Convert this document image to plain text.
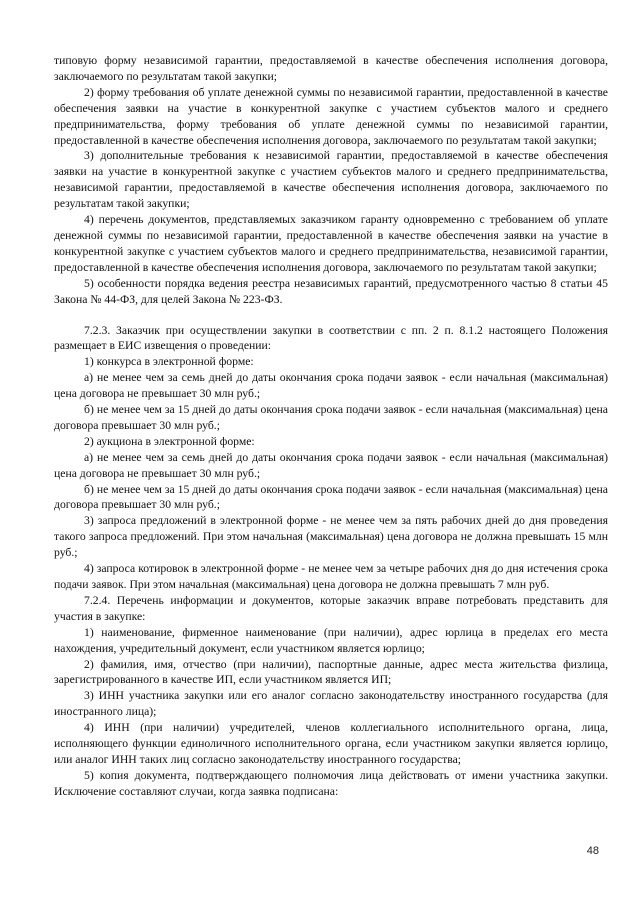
типовую форму независимой гарантии, предоставляемой в качестве обеспечения исполнения договора, заключаемого по результатам такой закупки;

2) форму требования об уплате денежной суммы по независимой гарантии, предоставленной в качестве обеспечения заявки на участие в конкурентной закупке с участием субъектов малого и среднего предпринимательства, форму требования об уплате денежной суммы по независимой гарантии, предоставленной в качестве обеспечения исполнения договора, заключаемого по результатам такой закупки;

3) дополнительные требования к независимой гарантии, предоставляемой в качестве обеспечения заявки на участие в конкурентной закупке с участием субъектов малого и среднего предпринимательства, независимой гарантии, предоставляемой в качестве обеспечения исполнения договора, заключаемого по результатам такой закупки;

4) перечень документов, представляемых заказчиком гаранту одновременно с требованием об уплате денежной суммы по независимой гарантии, предоставленной в качестве обеспечения заявки на участие в конкурентной закупке с участием субъектов малого и среднего предпринимательства, независимой гарантии, предоставленной в качестве обеспечения исполнения договора, заключаемого по результатам такой закупки;

5) особенности порядка ведения реестра независимых гарантий, предусмотренного частью 8 статьи 45 Закона № 44-ФЗ, для целей Закона № 223-ФЗ.

7.2.3. Заказчик при осуществлении закупки в соответствии с пп. 2 п. 8.1.2 настоящего Положения размещает в ЕИС извещения о проведении:

1) конкурса в электронной форме:

а) не менее чем за семь дней до даты окончания срока подачи заявок - если начальная (максимальная) цена договора не превышает 30 млн руб.;

б) не менее чем за 15 дней до даты окончания срока подачи заявок - если начальная (максимальная) цена договора превышает 30 млн руб.;

2) аукциона в электронной форме:

а) не менее чем за семь дней до даты окончания срока подачи заявок - если начальная (максимальная) цена договора не превышает 30 млн руб.;

б) не менее чем за 15 дней до даты окончания срока подачи заявок - если начальная (максимальная) цена договора превышает 30 млн руб.;

3) запроса предложений в электронной форме - не менее чем за пять рабочих дней до дня проведения такого запроса предложений. При этом начальная (максимальная) цена договора не должна превышать 15 млн руб.;

4) запроса котировок в электронной форме - не менее чем за четыре рабочих дня до дня истечения срока подачи заявок. При этом начальная (максимальная) цена договора не должна превышать 7 млн руб.

7.2.4. Перечень информации и документов, которые заказчик вправе потребовать представить для участия в закупке:

1) наименование, фирменное наименование (при наличии), адрес юрлица в пределах его места нахождения, учредительный документ, если участником является юрлицо;

2) фамилия, имя, отчество (при наличии), паспортные данные, адрес места жительства физлица, зарегистрированного в качестве ИП, если участником является ИП;

3) ИНН участника закупки или его аналог согласно законодательству иностранного государства (для иностранного лица);

4) ИНН (при наличии) учредителей, членов коллегиального исполнительного органа, лица, исполняющего функции единоличного исполнительного органа, если участником закупки является юрлицо, или аналог ИНН таких лиц согласно законодательству иностранного государства;

5) копия документа, подтверждающего полномочия лица действовать от имени участника закупки. Исключение составляют случаи, когда заявка подписана:

48
